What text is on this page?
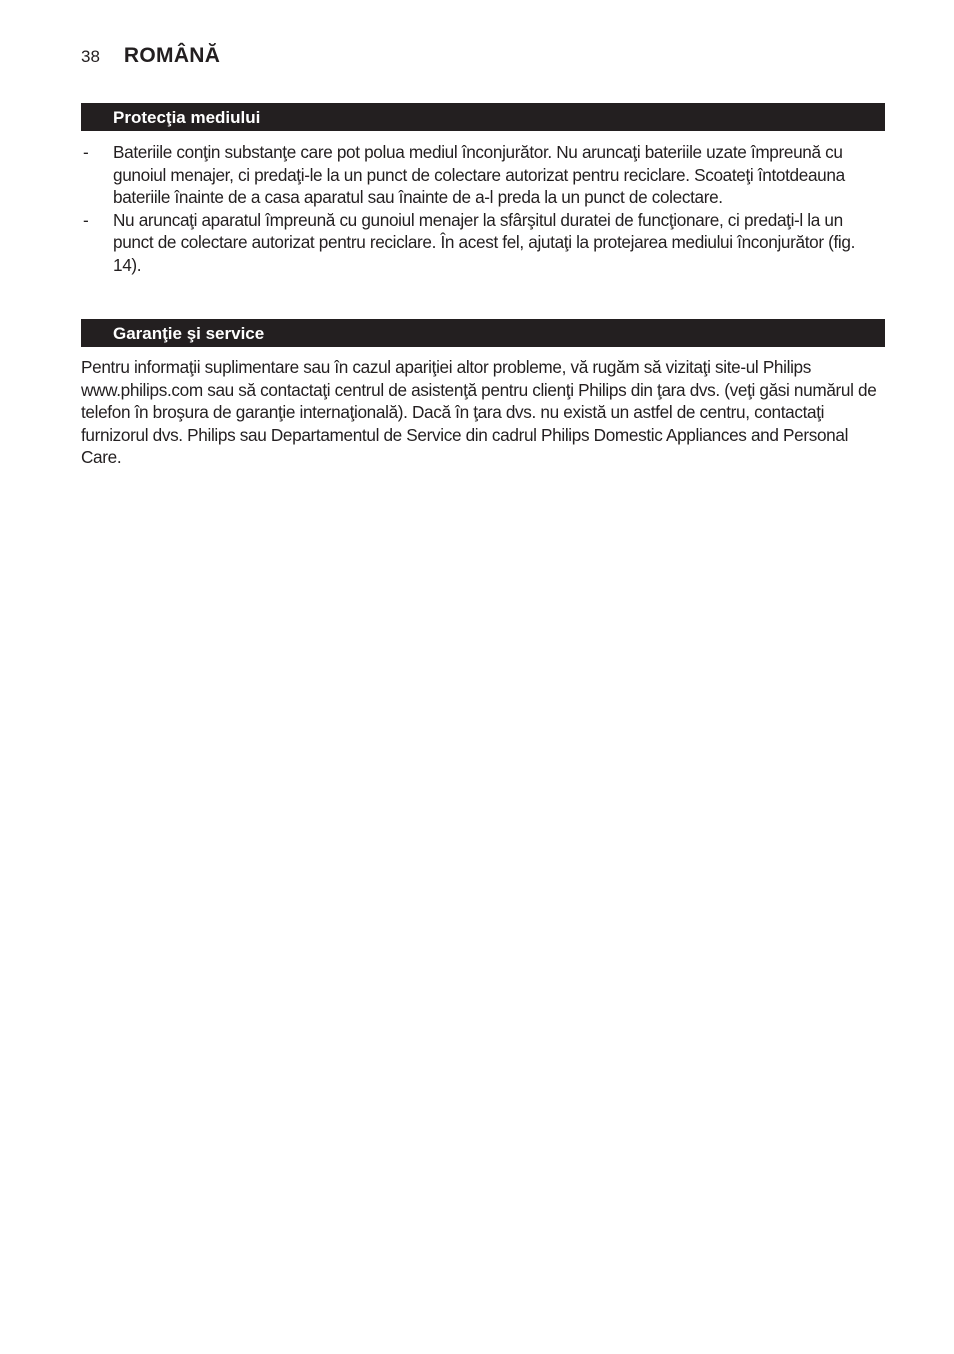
38 ROMÂNĂ
Protecţia mediului
- Bateriile conţin substanţe care pot polua mediul înconjurător. Nu aruncaţi bateriile uzate împreună cu gunoiul menajer, ci predaţi-le la un punct de colectare autorizat pentru reciclare. Scoateţi întotdeauna bateriile înainte de a casa aparatul sau înainte de a-l preda la un punct de colectare.
- Nu aruncaţi aparatul împreună cu gunoiul menajer la sfârşitul duratei de funcţionare, ci predaţi-l la un punct de colectare autorizat pentru reciclare. În acest fel, ajutaţi la protejarea mediului înconjurător (fig. 14).
Garanţie şi service

Pentru informaţii suplimentare sau în cazul apariţiei altor probleme, vă rugăm să vizitaţi site-ul Philips www.philips.com sau să contactaţi centrul de asistenţă pentru clienţi Philips din ţara dvs. (veţi găsi numărul de telefon în broşura de garanţie internaţională). Dacă în ţara dvs. nu există un astfel de centru, contactaţi furnizorul dvs. Philips sau Departamentul de Service din cadrul Philips Domestic Appliances and Personal Care.
